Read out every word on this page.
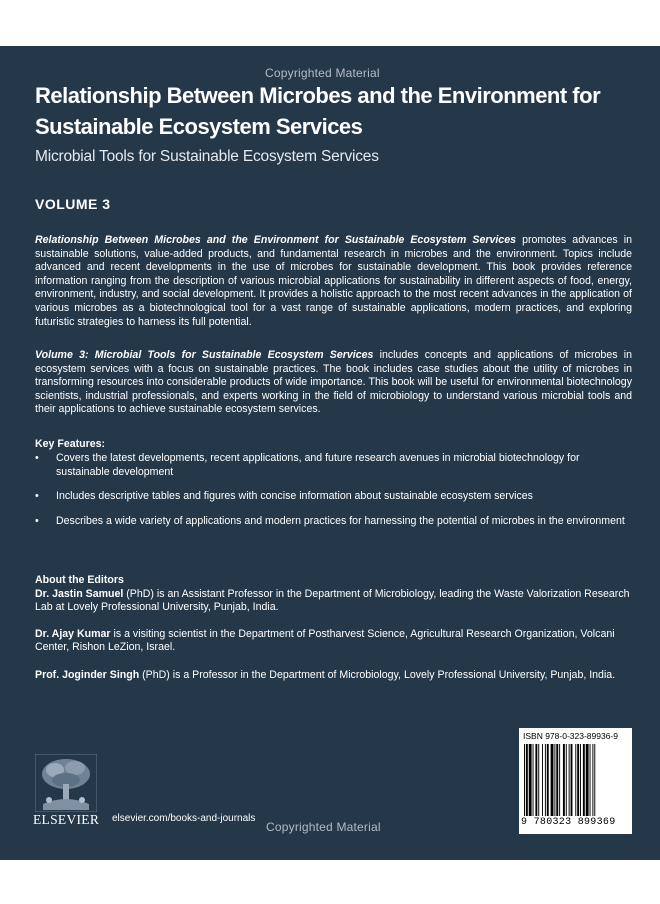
Copyrighted Material
Relationship Between Microbes and the Environment for Sustainable Ecosystem Services
Microbial Tools for Sustainable Ecosystem Services
VOLUME 3

Relationship Between Microbes and the Environment for Sustainable Ecosystem Services promotes advances in sustainable solutions, value-added products, and fundamental research in microbes and the environment. Topics include advanced and recent developments in the use of microbes for sustainable development. This book provides reference information ranging from the description of various microbial applications for sustainability in different aspects of food, energy, environment, industry, and social development. It provides a holistic approach to the most recent advances in the application of various microbes as a biotechnological tool for a vast range of sustainable applications, modern practices, and exploring futuristic strategies to harness its full potential.

Volume 3: Microbial Tools for Sustainable Ecosystem Services includes concepts and applications of microbes in ecosystem services with a focus on sustainable practices. The book includes case studies about the utility of microbes in transforming resources into considerable products of wide importance. This book will be useful for environmental biotechnology scientists, industrial professionals, and experts working in the field of microbiology to understand various microbial tools and their applications to achieve sustainable ecosystem services.

Key Features:
• Covers the latest developments, recent applications, and future research avenues in microbial biotechnology for sustainable development
• Includes descriptive tables and figures with concise information about sustainable ecosystem services
• Describes a wide variety of applications and modern practices for harnessing the potential of microbes in the environment

About the Editors

Dr. Jastin Samuel (PhD) is an Assistant Professor in the Department of Microbiology, leading the Waste Valorization Research Lab at Lovely Professional University, Punjab, India.

Dr. Ajay Kumar is a visiting scientist in the Department of Postharvest Science, Agricultural Research Organization, Volcani Center, Rishon LeZion, Israel.

Prof. Joginder Singh (PhD) is a Professor in the Department of Microbiology, Lovely Professional University, Punjab, India.

ELSEVIER elsevier.com/books-and-journals
Copyrighted Material
ISBN 978-0-323-89936-9
9 780323 899369
